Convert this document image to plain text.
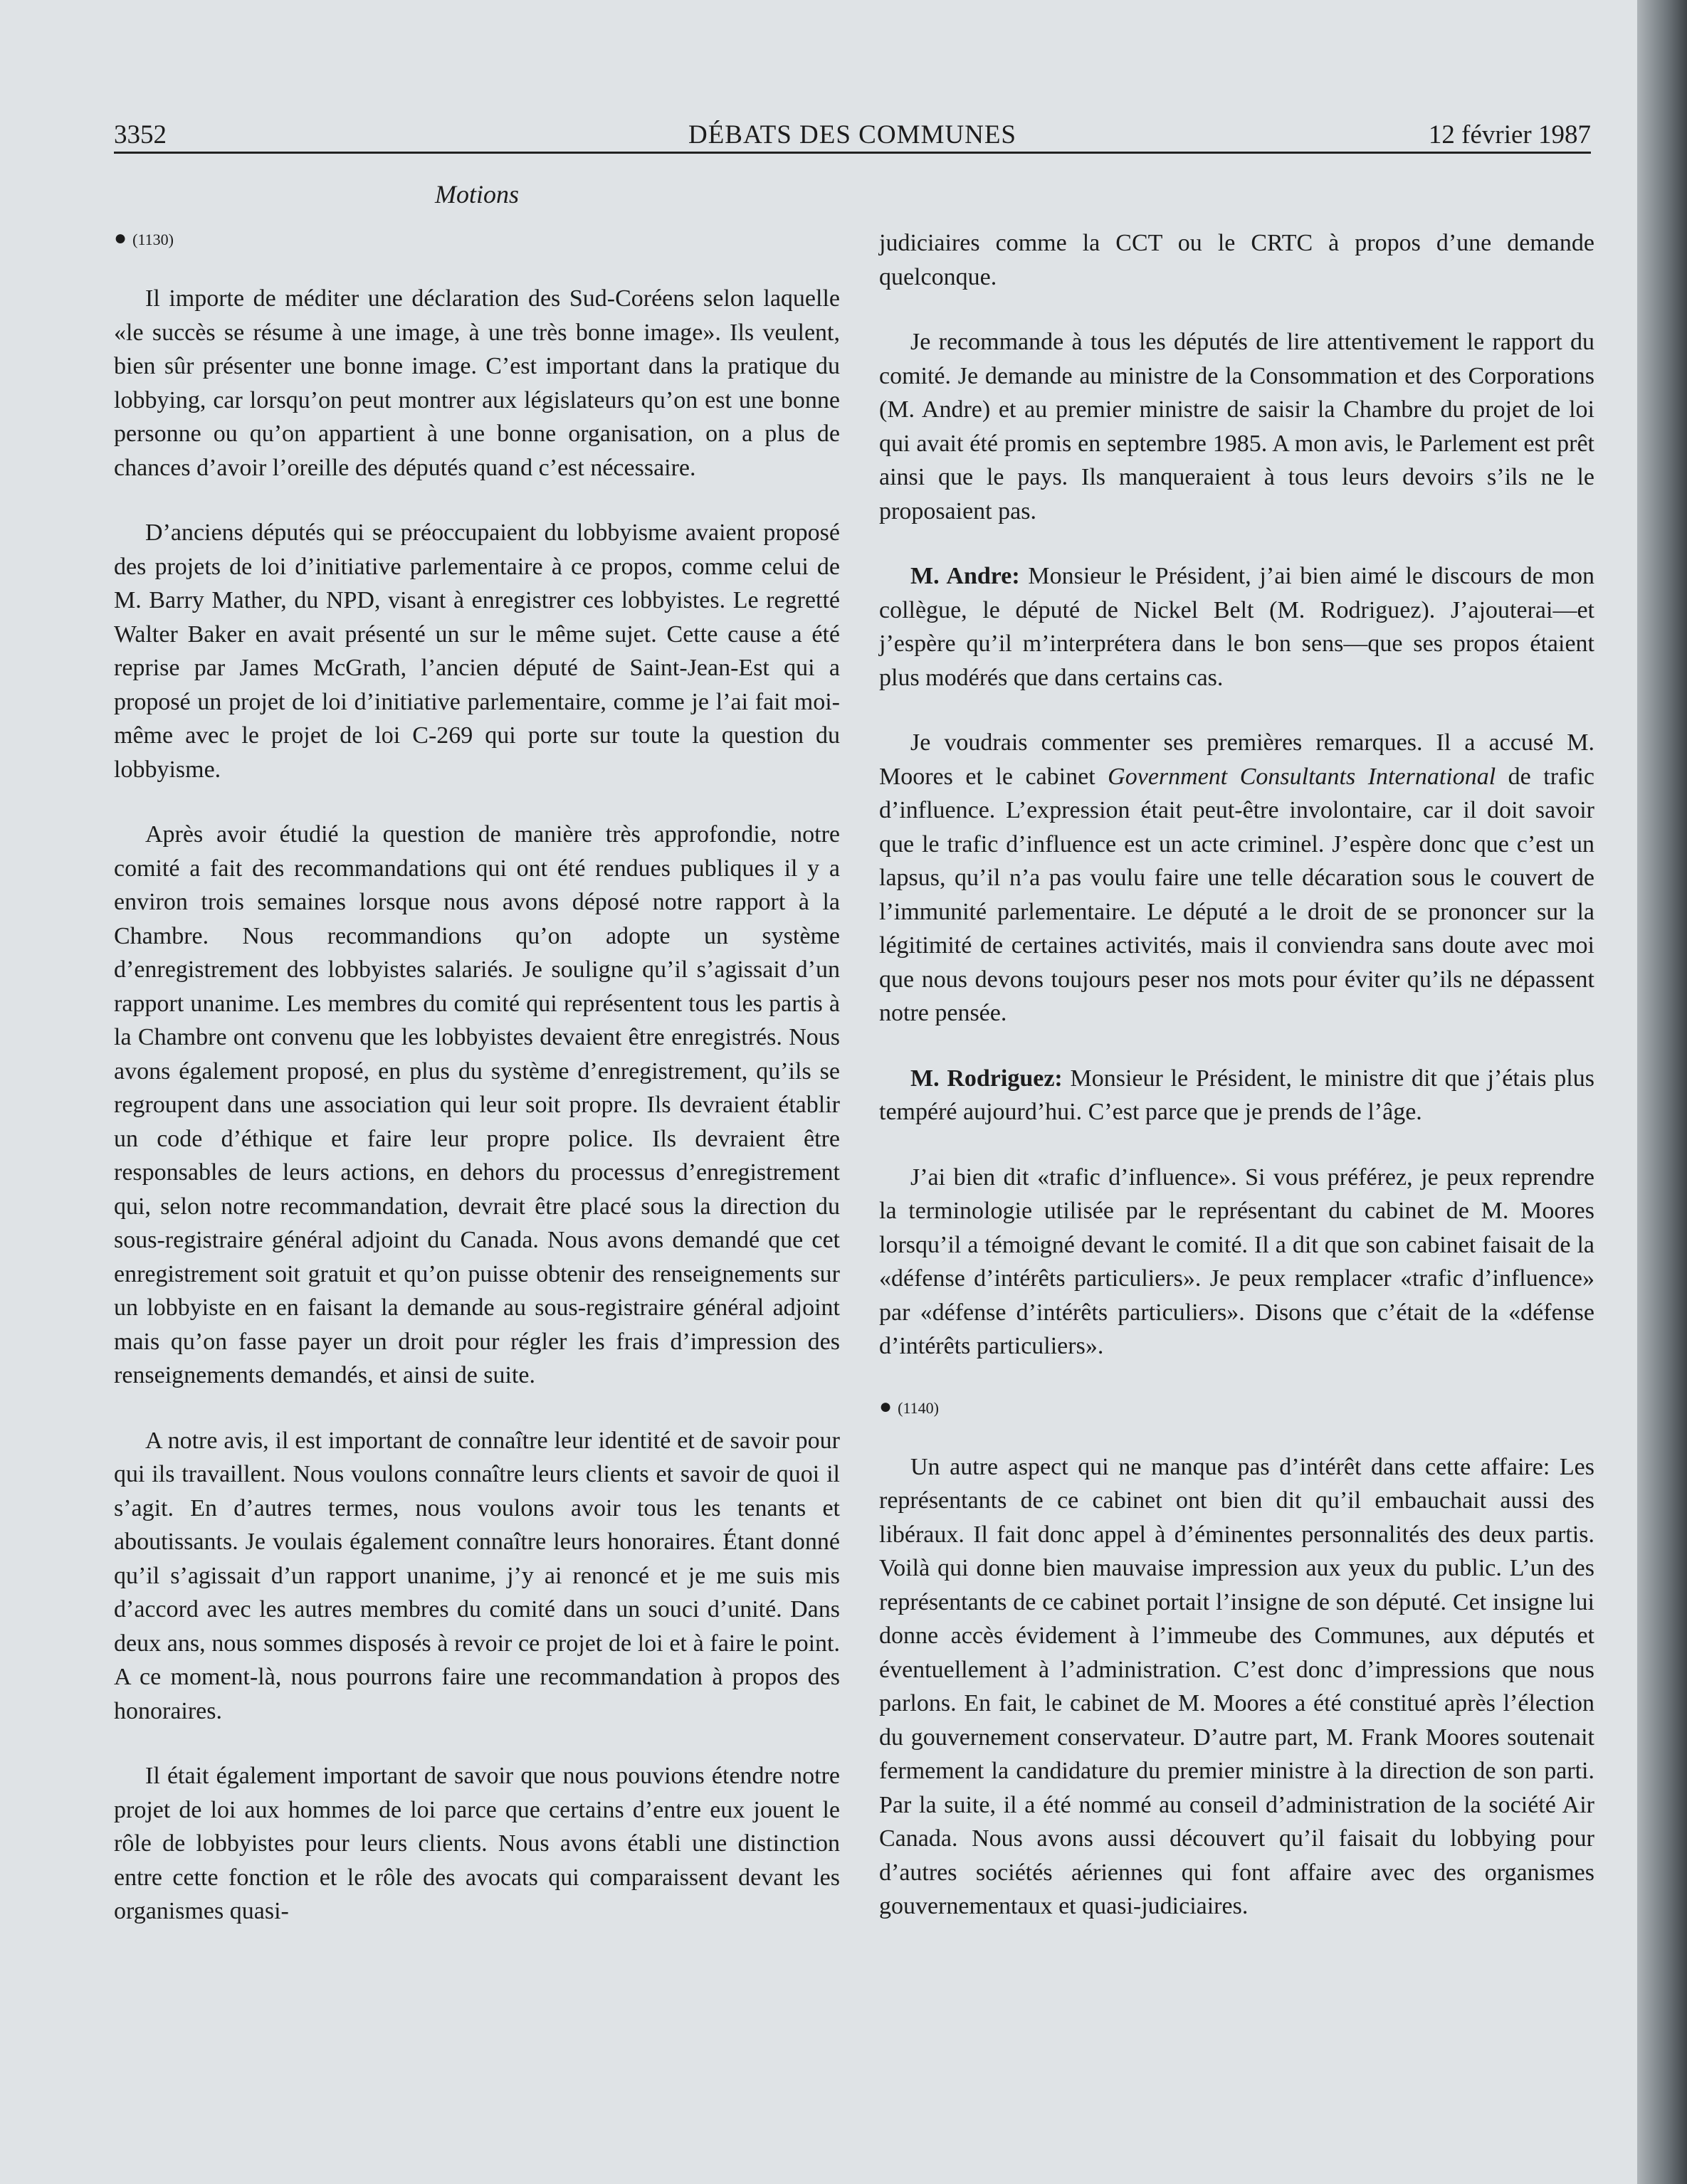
3352	DÉBATS DES COMMUNES	12 février 1987
Motions
● (1130)

Il importe de méditer une déclaration des Sud-Coréens selon laquelle «le succès se résume à une image, à une très bonne image». Ils veulent, bien sûr présenter une bonne image. C’est important dans la pratique du lobbying, car lorsqu’on peut montrer aux législateurs qu’on est une bonne personne ou qu’on appartient à une bonne organisation, on a plus de chances d’avoir l’oreille des députés quand c’est nécessaire.

D’anciens députés qui se préoccupaient du lobbyisme avaient proposé des projets de loi d’initiative parlementaire à ce propos, comme celui de M. Barry Mather, du NPD, visant à enregistrer ces lobbyistes. Le regretté Walter Baker en avait présenté un sur le même sujet. Cette cause a été reprise par James McGrath, l’ancien député de Saint-Jean-Est qui a proposé un projet de loi d’initiative parlementaire, comme je l’ai fait moi-même avec le projet de loi C-269 qui porte sur toute la question du lobbyisme.

Après avoir étudié la question de manière très approfondie, notre comité a fait des recommandations qui ont été rendues publiques il y a environ trois semaines lorsque nous avons déposé notre rapport à la Chambre. Nous recommandions qu’on adopte un système d’enregistrement des lobbyistes salariés. Je souligne qu’il s’agissait d’un rapport unanime. Les membres du comité qui représentent tous les partis à la Chambre ont convenu que les lobbyistes devaient être enregistrés. Nous avons également proposé, en plus du système d’enregistrement, qu’ils se regroupent dans une association qui leur soit propre. Ils devraient établir un code d’éthique et faire leur propre police. Ils devraient être responsables de leurs actions, en dehors du processus d’enregistrement qui, selon notre recommandation, devrait être placé sous la direction du sous-registraire général adjoint du Canada. Nous avons demandé que cet enregistrement soit gratuit et qu’on puisse obtenir des renseignements sur un lobbyiste en en faisant la demande au sous-registraire général adjoint mais qu’on fasse payer un droit pour régler les frais d’impression des renseignements demandés, et ainsi de suite.

A notre avis, il est important de connaître leur identité et de savoir pour qui ils travaillent. Nous voulons connaître leurs clients et savoir de quoi il s’agit. En d’autres termes, nous voulons avoir tous les tenants et aboutissants. Je voulais également connaître leurs honoraires. Étant donné qu’il s’agissait d’un rapport unanime, j’y ai renoncé et je me suis mis d’accord avec les autres membres du comité dans un souci d’unité. Dans deux ans, nous sommes disposés à revoir ce projet de loi et à faire le point. A ce moment-là, nous pourrons faire une recommandation à propos des honoraires.

Il était également important de savoir que nous pouvions étendre notre projet de loi aux hommes de loi parce que certains d’entre eux jouent le rôle de lobbyistes pour leurs clients. Nous avons établi une distinction entre cette fonction et le rôle des avocats qui comparaissent devant les organismes quasi-

judiciaires comme la CCT ou le CRTC à propos d’une demande quelconque.

Je recommande à tous les députés de lire attentivement le rapport du comité. Je demande au ministre de la Consommation et des Corporations (M. Andre) et au premier ministre de saisir la Chambre du projet de loi qui avait été promis en septembre 1985. A mon avis, le Parlement est prêt ainsi que le pays. Ils manqueraient à tous leurs devoirs s’ils ne le proposaient pas.

M. Andre: Monsieur le Président, j’ai bien aimé le discours de mon collègue, le député de Nickel Belt (M. Rodriguez). J’ajouterai—et j’espère qu’il m’interprétera dans le bon sens—que ses propos étaient plus modérés que dans certains cas.

Je voudrais commenter ses premières remarques. Il a accusé M. Moores et le cabinet Government Consultants International de trafic d’influence. L’expression était peut-être involontaire, car il doit savoir que le trafic d’influence est un acte criminel. J’espère donc que c’est un lapsus, qu’il n’a pas voulu faire une telle décaration sous le couvert de l’immunité parlementaire. Le député a le droit de se prononcer sur la légitimité de certaines activités, mais il conviendra sans doute avec moi que nous devons toujours peser nos mots pour éviter qu’ils ne dépassent notre pensée.

M. Rodriguez: Monsieur le Président, le ministre dit que j’étais plus tempéré aujourd’hui. C’est parce que je prends de l’âge.

J’ai bien dit «trafic d’influence». Si vous préférez, je peux reprendre la terminologie utilisée par le représentant du cabinet de M. Moores lorsqu’il a témoigné devant le comité. Il a dit que son cabinet faisait de la «défense d’intérêts particuliers». Je peux remplacer «trafic d’influence» par «défense d’intérêts particuliers». Disons que c’était de la «défense d’intérêts particuliers».

● (1140)

Un autre aspect qui ne manque pas d’intérêt dans cette affaire: Les représentants de ce cabinet ont bien dit qu’il embauchait aussi des libéraux. Il fait donc appel à d’éminentes personnalités des deux partis. Voilà qui donne bien mauvaise impression aux yeux du public. L’un des représentants de ce cabinet portait l’insigne de son député. Cet insigne lui donne accès évidement à l’immeube des Communes, aux députés et éventuellement à l’administration. C’est donc d’impressions que nous parlons. En fait, le cabinet de M. Moores a été constitué après l’élection du gouvernement conservateur. D’autre part, M. Frank Moores soutenait fermement la candidature du premier ministre à la direction de son parti. Par la suite, il a été nommé au conseil d’administration de la société Air Canada. Nous avons aussi découvert qu’il faisait du lobbying pour d’autres sociétés aériennes qui font affaire avec des organismes gouvernementaux et quasi-judiciaires.
